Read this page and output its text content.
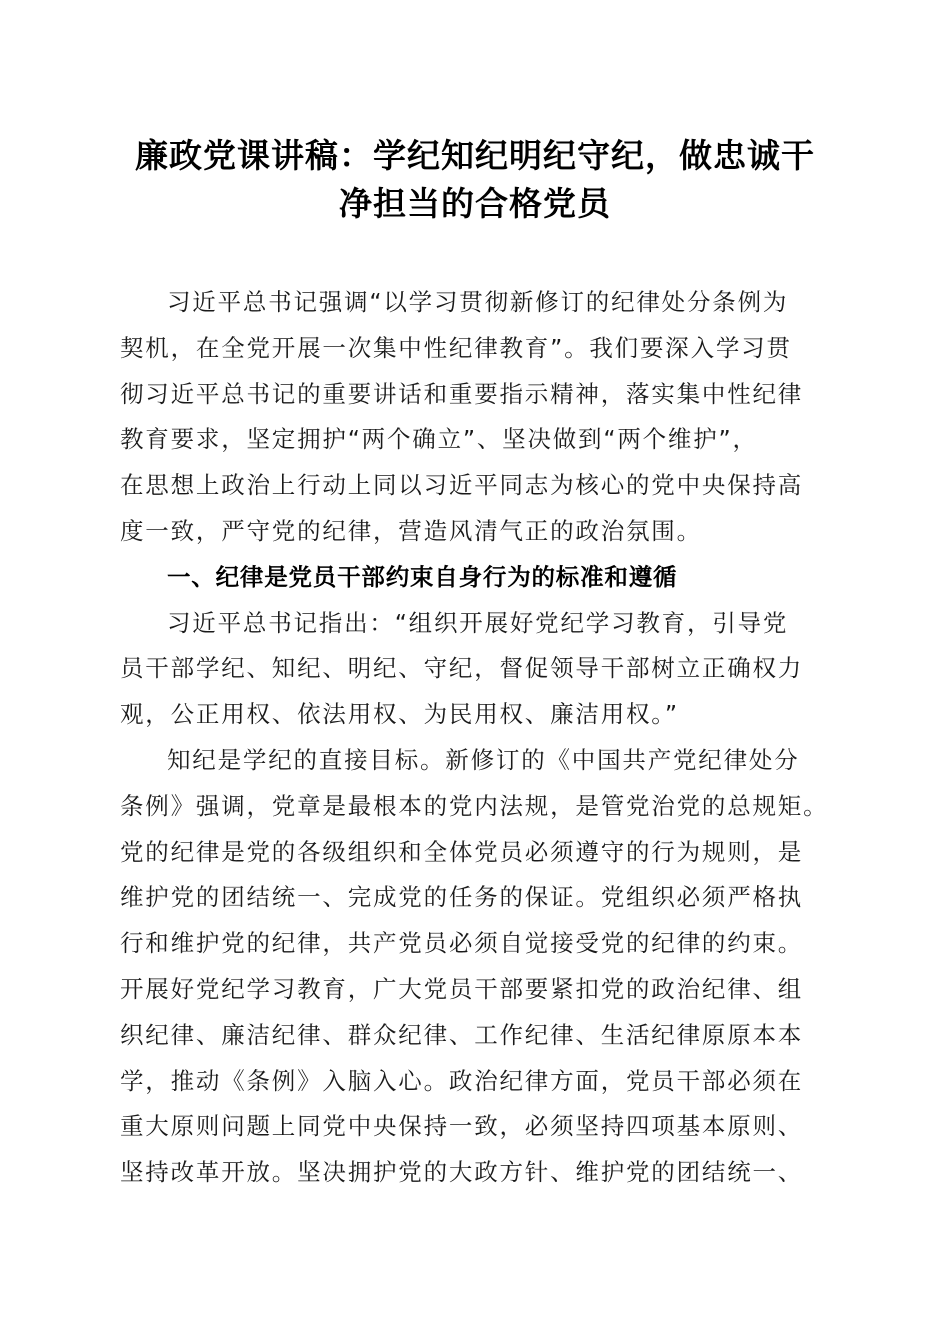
廉政党课讲稿：学纪知纪明纪守纪，做忠诚干
净担当的合格党员
习近平总书记强调“以学习贯彻新修订的纪律处分条例为
契机，在全党开展一次集中性纪律教育”。我们要深入学习贯
彻习近平总书记的重要讲话和重要指示精神，落实集中性纪律
教育要求，坚定拥护“两个确立”、坚决做到“两个维护”，
在思想上政治上行动上同以习近平同志为核心的党中央保持高
度一致，严守党的纪律，营造风清气正的政治氛围。
一、纪律是党员干部约束自身行为的标准和遵循
习近平总书记指出：“组织开展好党纪学习教育，引导党
员干部学纪、知纪、明纪、守纪，督促领导干部树立正确权力
观，公正用权、依法用权、为民用权、廉洁用权。”
知纪是学纪的直接目标。新修订的《中国共产党纪律处分
条例》强调，党章是最根本的党内法规，是管党治党的总规矩。
党的纪律是党的各级组织和全体党员必须遵守的行为规则，是
维护党的团结统一、完成党的任务的保证。党组织必须严格执
行和维护党的纪律，共产党员必须自觉接受党的纪律的约束。
开展好党纪学习教育，广大党员干部要紧扣党的政治纪律、组
织纪律、廉洁纪律、群众纪律、工作纪律、生活纪律原原本本
学，推动《条例》入脑入心。政治纪律方面，党员干部必须在
重大原则问题上同党中央保持一致，必须坚持四项基本原则、
坚持改革开放。坚决拥护党的大政方针、维护党的团结统一、
